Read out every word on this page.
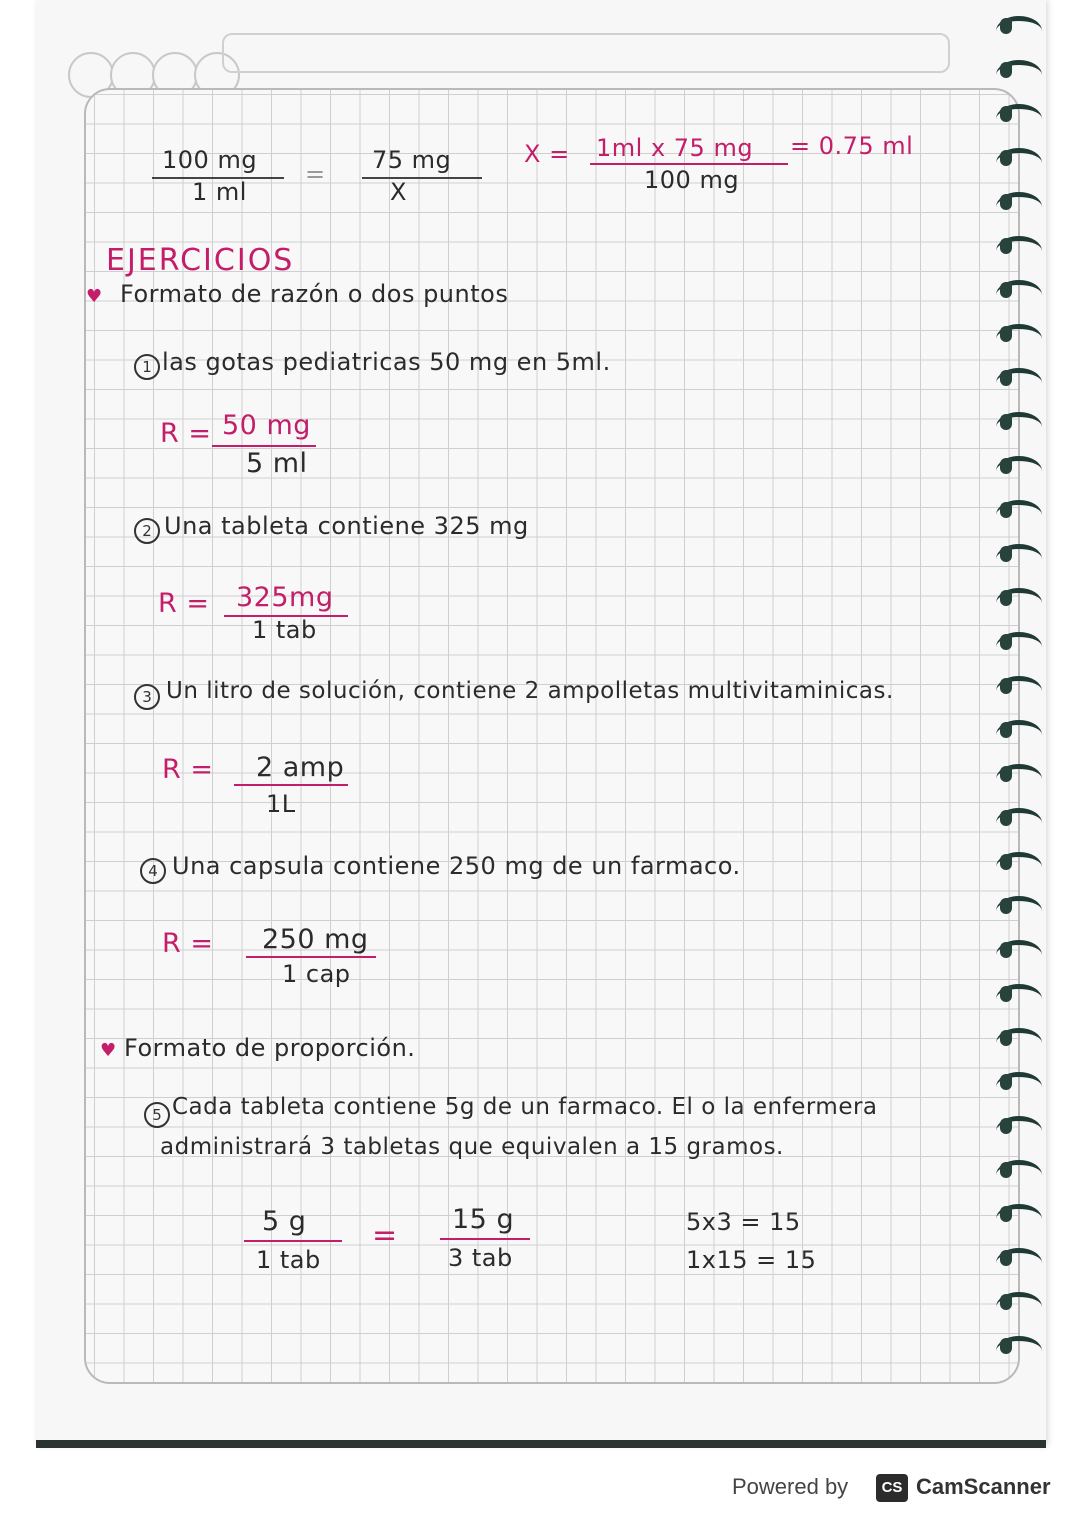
100 mg
1 ml
= 75 mg
X
X = 1ml x 75 mg
100 mg
= 0.75 ml
EJERCICIOS
♥ Formato de razón o dos puntos
1 las gotas pediatricas 50 mg en 5ml.
R = 50 mg
5 ml
2 Una tableta contiene 325 mg
R = 325mg
1 tab
3 Un litro de solución, contiene 2 ampolletas multivitaminicas.
R = 2 amp
1L
4 Una capsula contiene 250 mg de un farmaco.
R = 250 mg
1 cap
♥ Formato de proporción.
5 Cada tableta contiene 5g de un farmaco. El o la enfermera
administrará 3 tabletas que equivalen a 15 gramos.
5 g
1 tab
= 15 g
3 tab
5x3 = 15
1x15 = 15
Powered by	CS CamScanner
